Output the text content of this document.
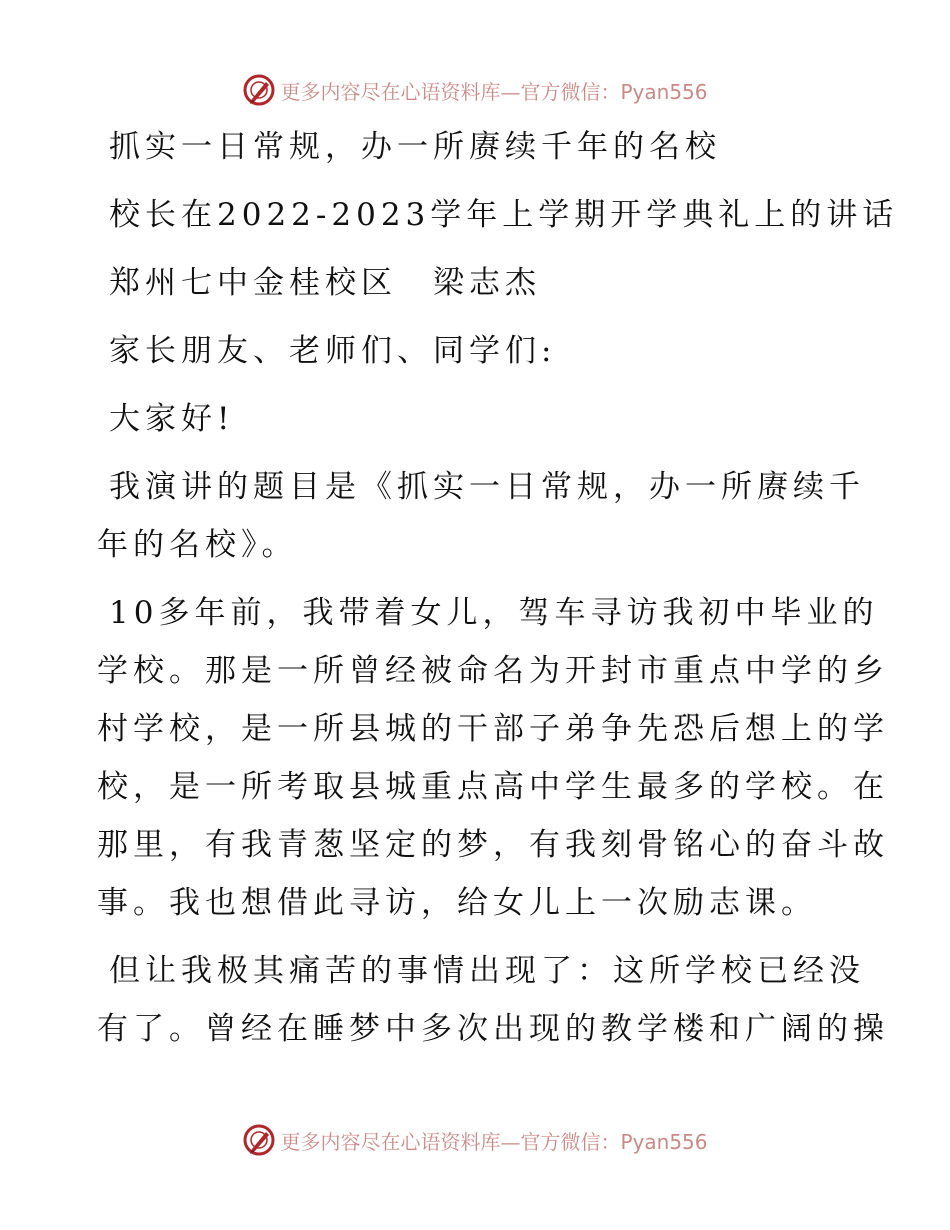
更多内容尽在心语资料库—官方微信：Pyan556
抓实一日常规，办一所赓续千年的名校
校长在2022-2023学年上学期开学典礼上的讲话
郑州七中金桂校区　梁志杰
家长朋友、老师们、同学们:
大家好!
我演讲的题目是《抓实一日常规，办一所赓续千
年的名校》。
10多年前，我带着女儿，驾车寻访我初中毕业的
学校。那是一所曾经被命名为开封市重点中学的乡
村学校，是一所县城的干部子弟争先恐后想上的学
校，是一所考取县城重点高中学生最多的学校。在
那里，有我青葱坚定的梦，有我刻骨铭心的奋斗故
事。我也想借此寻访，给女儿上一次励志课。
但让我极其痛苦的事情出现了：这所学校已经没
有了。曾经在睡梦中多次出现的教学楼和广阔的操
更多内容尽在心语资料库—官方微信：Pyan556
